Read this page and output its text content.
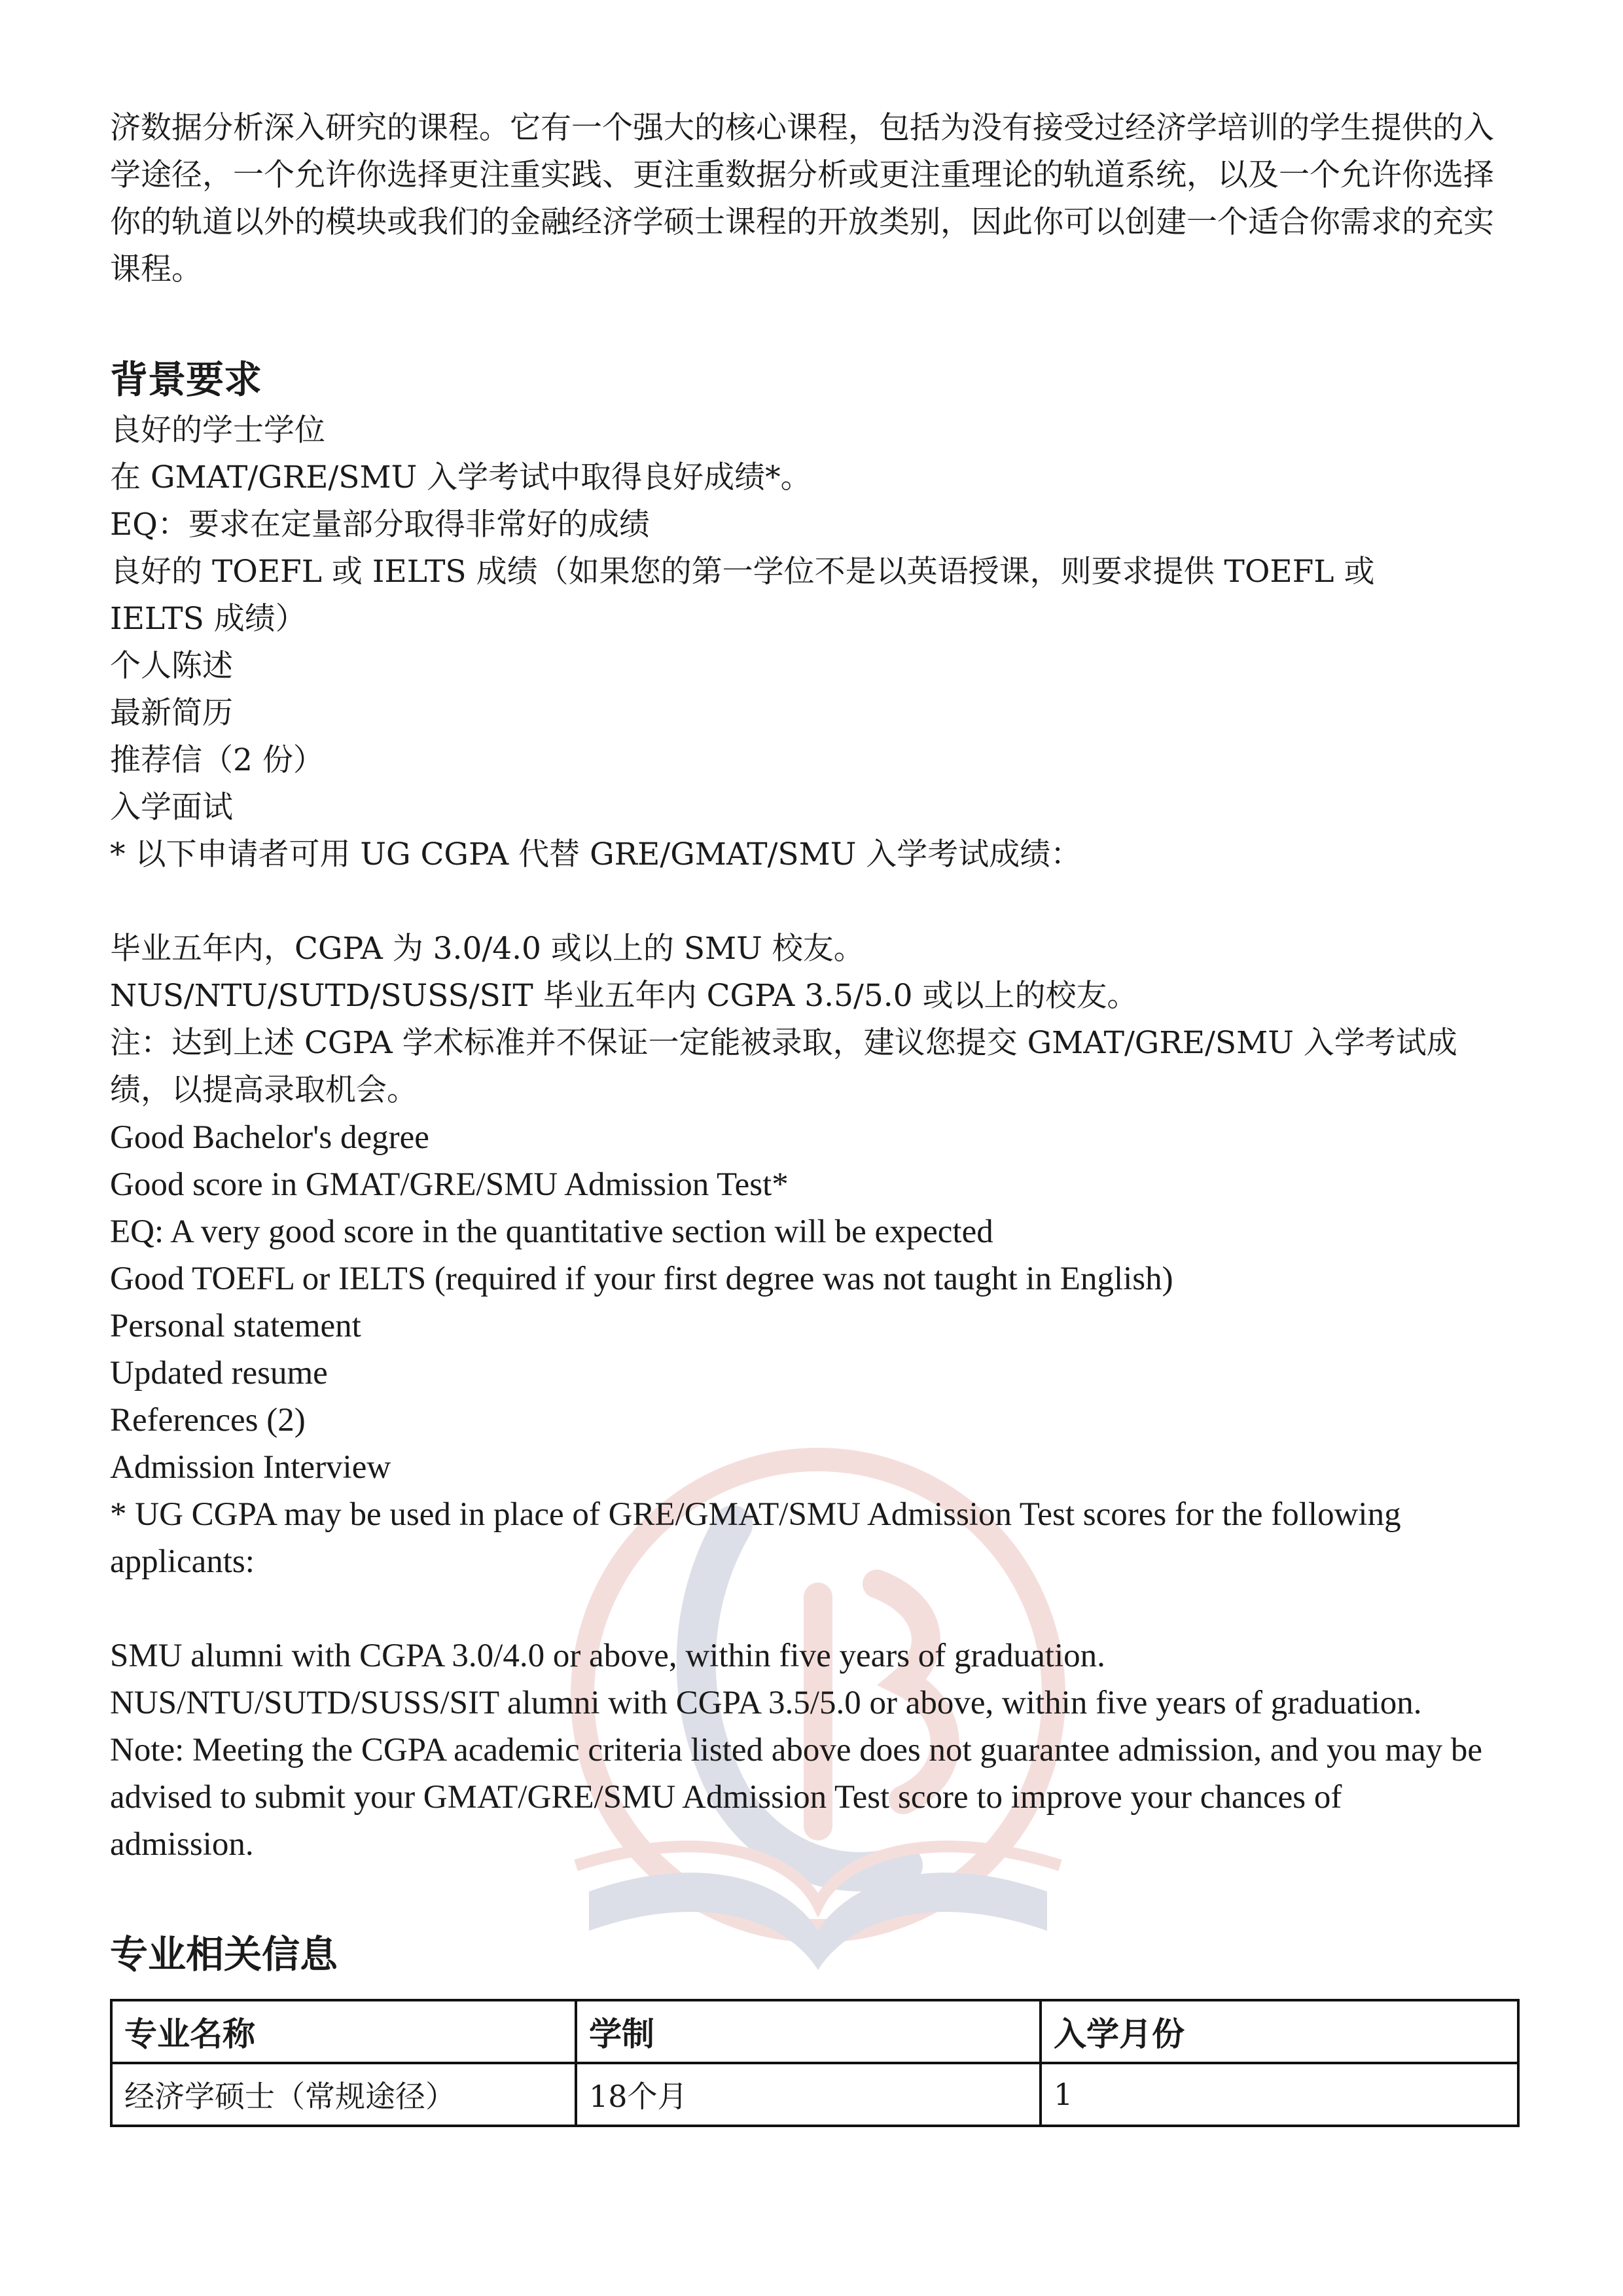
济数据分析深入研究的课程。它有一个强大的核心课程，包括为没有接受过经济学培训的学生提供的入学途径，一个允许你选择更注重实践、更注重数据分析或更注重理论的轨道系统，以及一个允许你选择你的轨道以外的模块或我们的金融经济学硕士课程的开放类别，因此你可以创建一个适合你需求的充实课程。

背景要求

良好的学士学位

在 GMAT/GRE/SMU 入学考试中取得良好成绩*。

EQ：要求在定量部分取得非常好的成绩

良好的 TOEFL 或 IELTS 成绩（如果您的第一学位不是以英语授课，则要求提供 TOEFL 或 IELTS 成绩）

个人陈述

最新简历

推荐信（2 份）

入学面试

* 以下申请者可用 UG CGPA 代替 GRE/GMAT/SMU 入学考试成绩：

毕业五年内，CGPA 为 3.0/4.0 或以上的 SMU 校友。

NUS/NTU/SUTD/SUSS/SIT 毕业五年内 CGPA 3.5/5.0 或以上的校友。

注：达到上述 CGPA 学术标准并不保证一定能被录取，建议您提交 GMAT/GRE/SMU 入学考试成绩，以提高录取机会。

Good Bachelor's degree

Good score in GMAT/GRE/SMU Admission Test*

EQ: A very good score in the quantitative section will be expected

Good TOEFL or IELTS (required if your first degree was not taught in English)

Personal statement

Updated resume

References (2)

Admission Interview

* UG CGPA may be used in place of GRE/GMAT/SMU Admission Test scores for the following applicants:

SMU alumni with CGPA 3.0/4.0 or above, within five years of graduation.

NUS/NTU/SUTD/SUSS/SIT alumni with CGPA 3.5/5.0 or above, within five years of graduation.

Note: Meeting the CGPA academic criteria listed above does not guarantee admission, and you may be advised to submit your GMAT/GRE/SMU Admission Test score to improve your chances of admission.

专业相关信息
专业名称	学制	入学月份
经济学硕士（常规途径）	18个月	1
